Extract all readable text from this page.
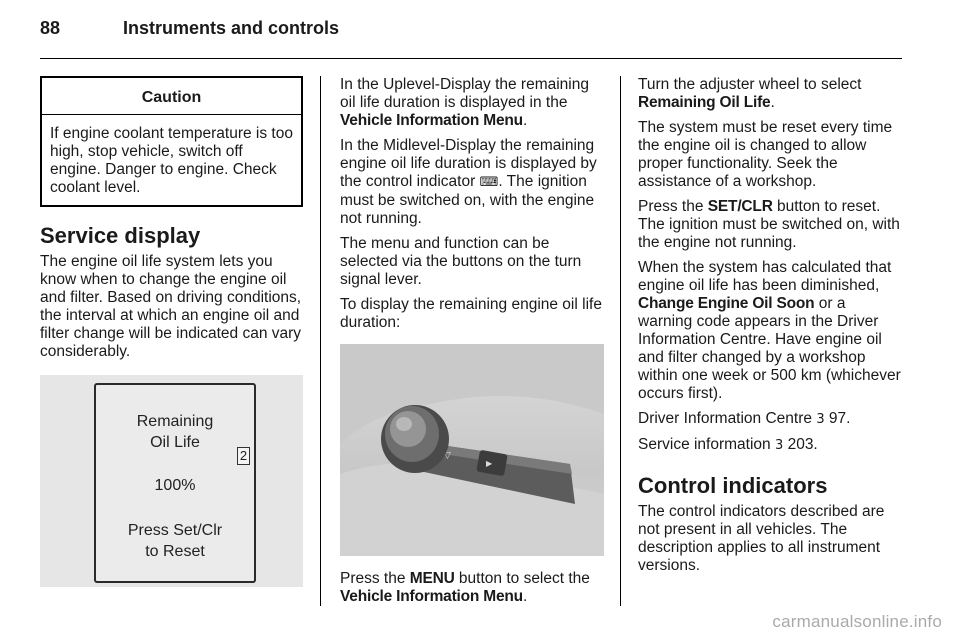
88	Instruments and controls
Caution
If engine coolant temperature is too high, stop vehicle, switch off engine. Danger to engine. Check coolant level.
Service display

The engine oil life system lets you know when to change the engine oil and filter. Based on driving conditions, the interval at which an engine oil and filter change will be indicated can vary considerably.

Remaining
Oil Life
100%
Press Set/Clr
to Reset
2

In the Uplevel-Display the remaining oil life duration is displayed in the Vehicle Information Menu.

In the Midlevel-Display the remaining engine oil life duration is displayed by the control indicator ⌨. The ignition must be switched on, with the engine not running.

The menu and function can be selected via the buttons on the turn signal lever.

To display the remaining engine oil life duration:

▶
▽

Press the MENU button to select the Vehicle Information Menu.

Turn the adjuster wheel to select Remaining Oil Life.

The system must be reset every time the engine oil is changed to allow proper functionality. Seek the assistance of a workshop.

Press the SET/CLR button to reset. The ignition must be switched on, with the engine not running.

When the system has calculated that engine oil life has been diminished, Change Engine Oil Soon or a warning code appears in the Driver Information Centre. Have engine oil and filter changed by a workshop within one week or 500 km (whichever occurs first).

Driver Information Centre 3 97.

Service information 3 203.

Control indicators

The control indicators described are not present in all vehicles. The description applies to all instrument versions.

carmanualsonline.info
